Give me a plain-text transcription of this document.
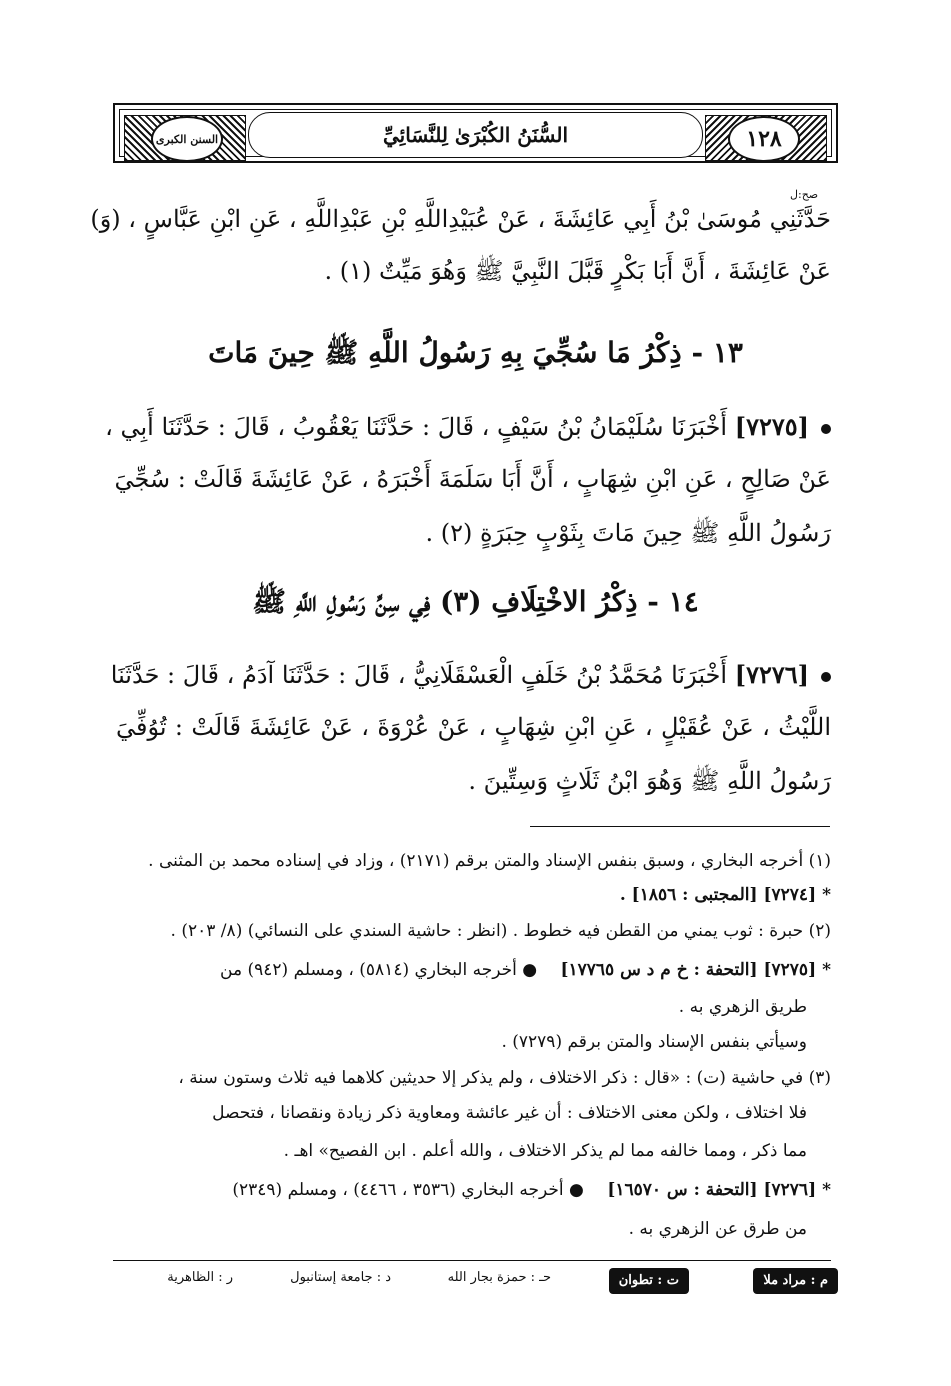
السنن الكبرى	١٢٨
السُّنَنُ الكُبْرَىٰ لِلنَّسَائِيِّ
صح:ل
حَدَّثَنِي مُوسَىٰ بْنُ أَبِي عَائِشَةَ ، عَنْ عُبَيْدِاللَّهِ بْنِ عَبْدِاللَّهِ ، عَنِ ابْنِ عَبَّاسٍ ، (وَ)
عَنْ عَائِشَةَ ، أَنَّ أَبَا بَكْرٍ قَبَّلَ النَّبِيَّ ﷺ وَهُوَ مَيِّتٌ (١) .
١٣ - ذِكْرُ مَا سُجِّيَ بِهِ رَسُولُ اللَّهِ ﷺ حِينَ مَاتَ
[٧٢٧٥] أَخْبَرَنَا سُلَيْمَانُ بْنُ سَيْفٍ ، قَالَ : حَدَّثَنَا يَعْقُوبُ ، قَالَ : حَدَّثَنَا أَبِي ،
عَنْ صَالِحٍ ، عَنِ ابْنِ شِهَابٍ ، أَنَّ أَبَا سَلَمَةَ أَخْبَرَهُ ، عَنْ عَائِشَةَ قَالَتْ : سُجِّيَ
رَسُولُ اللَّهِ ﷺ حِينَ مَاتَ بِثَوْبٍ حِبَرَةٍ (٢) .
١٤ - ذِكْرُ الاخْتِلَافِ (٣) فِي سِنِّ رَسُولِ اللَّهِ ﷺ
[٧٢٧٦] أَخْبَرَنَا مُحَمَّدُ بْنُ خَلَفٍ الْعَسْقَلَانِيُّ ، قَالَ : حَدَّثَنَا آدَمُ ، قَالَ : حَدَّثَنَا
اللَّيْثُ ، عَنْ عُقَيْلٍ ، عَنِ ابْنِ شِهَابٍ ، عَنْ عُرْوَةَ ، عَنْ عَائِشَةَ قَالَتْ : تُوُفِّيَ
رَسُولُ اللَّهِ ﷺ وَهُوَ ابْنُ ثَلَاثٍ وَسِتِّينَ .
(١) أخرجه البخاري ، وسبق بنفس الإسناد والمتن برقم (٢١٧١) ، وزاد في إسناده محمد بن المثنى .
*[٧٢٧٤] [المجتبى : ١٨٥٦] .
(٢) حبرة : ثوب يمني من القطن فيه خطوط . (انظر : حاشية السندي على النسائي) (٨/ ٢٠٣) .
*[٧٢٧٥] [التحفة : خ م د س ١٧٧٦٥] ● أخرجه البخاري (٥٨١٤) ، ومسلم (٩٤٢) من
طريق الزهري به .
وسيأتي بنفس الإسناد والمتن برقم (٧٢٧٩) .
(٣) في حاشية (ت) : «قال : ذكر الاختلاف ، ولم يذكر إلا حديثين كلاهما فيه ثلاث وستون سنة ،
فلا اختلاف ، ولكن معنى الاختلاف : أن غير عائشة ومعاوية ذكر زيادة ونقصانا ، فتحصل
مما ذكر ، ومما خالفه مما لم يذكر الاختلاف ، والله أعلم . ابن الفصيح» اهـ .
*[٧٢٧٦] [التحفة : س ١٦٥٧٠] ● أخرجه البخاري (٣٥٣٦ ، ٤٤٦٦) ، ومسلم (٢٣٤٩)
من طرق عن الزهري به .
م : مراد ملا
ت : تطوان
حـ : حمزة بجار الله
د : جامعة إستانبول
ر : الظاهرية
